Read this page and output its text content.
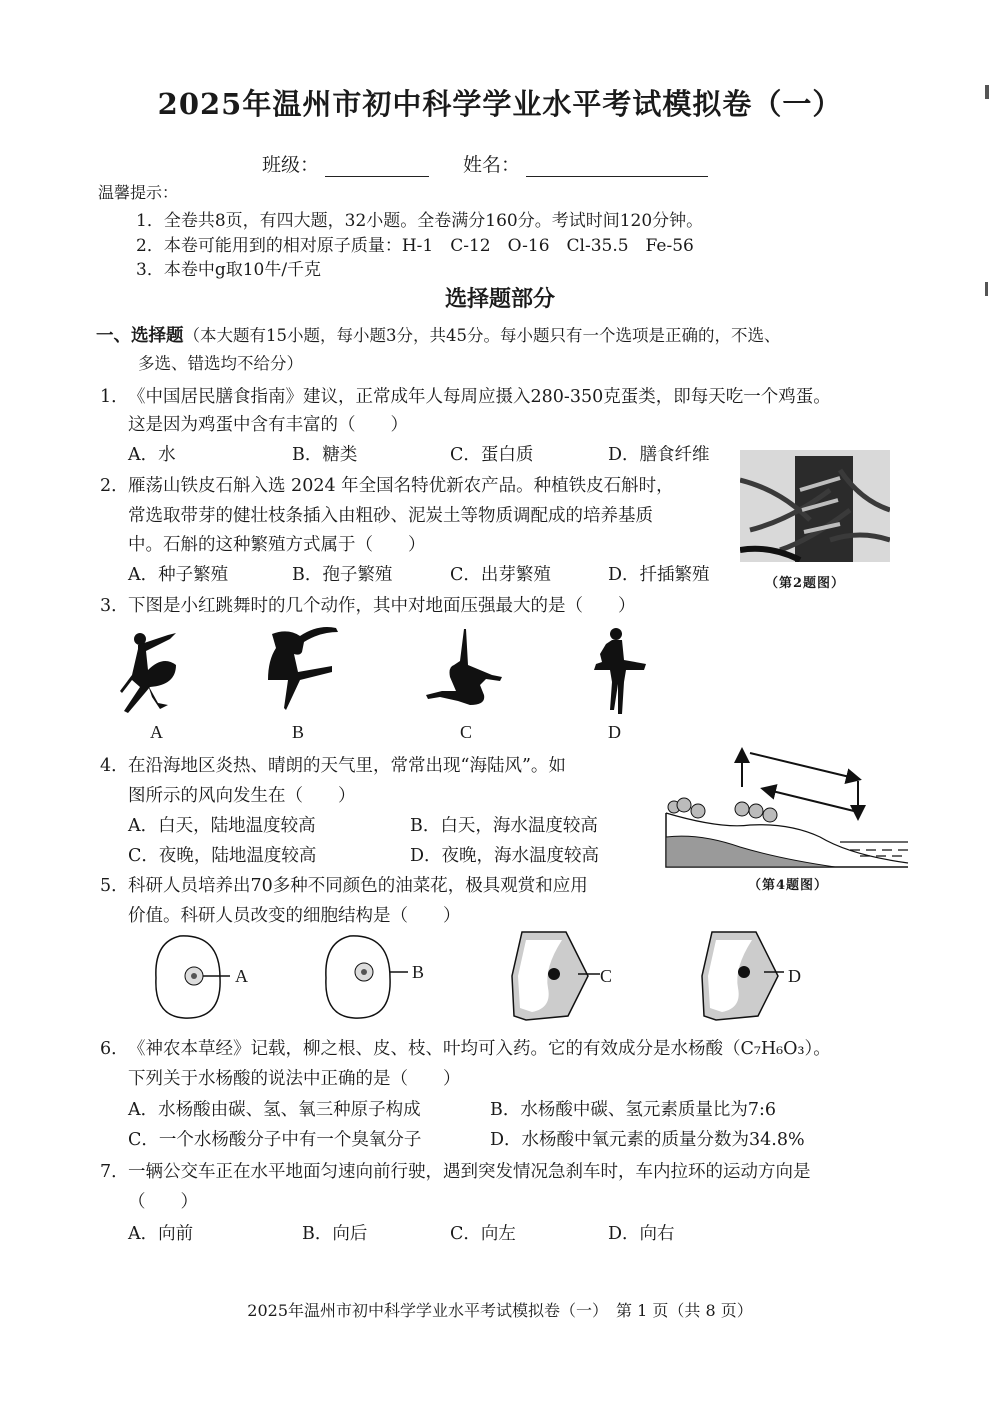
2025年温州市初中科学学业水平考试模拟卷（一）
班级：	姓名：
温馨提示：
1．全卷共8页，有四大题，32小题。全卷满分160分。考试时间120分钟。
2．本卷可能用到的相对原子质量：H-1　C-12　O-16　Cl-35.5　Fe-56
3．本卷中g取10牛/千克
选择题部分
一、选择题（本大题有15小题，每小题3分，共45分。每小题只有一个选项是正确的，不选、
多选、错选均不给分）
1．《中国居民膳食指南》建议，正常成年人每周应摄入280-350克蛋类，即每天吃一个鸡蛋。
这是因为鸡蛋中含有丰富的（　　）
A．水	B．糖类	C．蛋白质	D．膳食纤维
2．雁荡山铁皮石斛入选 2024 年全国名特优新农产品。种植铁皮石斛时，
常选取带芽的健壮枝条插入由粗砂、泥炭土等物质调配成的培养基质
中。石斛的这种繁殖方式属于（　　）
A．种子繁殖	B．孢子繁殖	C．出芽繁殖	D．扦插繁殖	（第2题图）
3．下图是小红跳舞时的几个动作，其中对地面压强最大的是（　　）
A	B	C	D
4．在沿海地区炎热、晴朗的天气里，常常出现“海陆风”。如
图所示的风向发生在（　　）
A．白天，陆地温度较高	B．白天，海水温度较高
C．夜晚，陆地温度较高	D．夜晚，海水温度较高
（第4题图）
5．科研人员培养出70多种不同颜色的油菜花，极具观赏和应用
价值。科研人员改变的细胞结构是（　　）
A	B	C	D
6．《神农本草经》记载，柳之根、皮、枝、叶均可入药。它的有效成分是水杨酸（C₇H₆O₃）。
下列关于水杨酸的说法中正确的是（　　）
A．水杨酸由碳、氢、氧三种原子构成	B．水杨酸中碳、氢元素质量比为7:6
C．一个水杨酸分子中有一个臭氧分子	D．水杨酸中氧元素的质量分数为34.8%
7．一辆公交车正在水平地面匀速向前行驶，遇到突发情况急刹车时，车内拉环的运动方向是
（　　）
A．向前	B．向后	C．向左	D．向右
2025年温州市初中科学学业水平考试模拟卷（一）　第 1 页（共 8 页）
